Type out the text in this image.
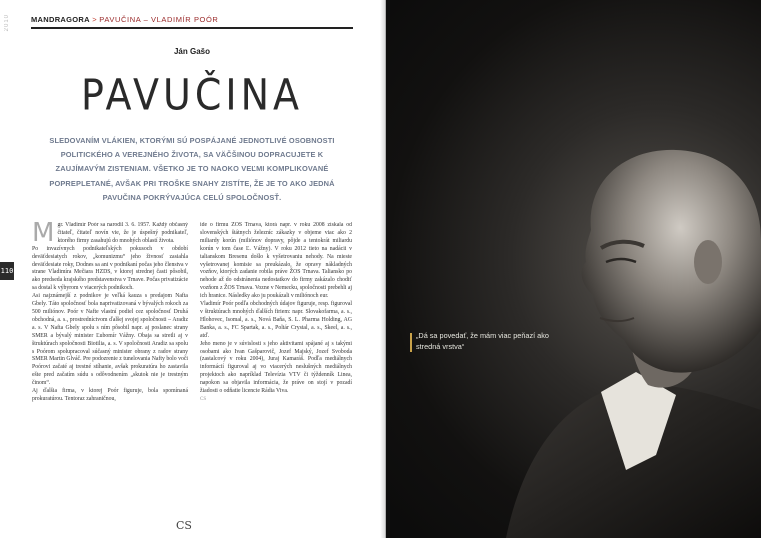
2010
110
MANDRAGORA > PAVUČINA – VLADIMÍR POÓR
Ján Gašo
PAVUČINA
SLEDOVANÍM VLÁKIEN, KTORÝMI SÚ POSPÁJANÉ JEDNOTLIVÉ OSOBNOSTI POLITICKÉHO A VEREJNÉHO ŽIVOTA, SA VÄČŠINOU DOPRACUJETE K ZAUJÍMAVÝM ZISTENIAM. VŠETKO JE TO NAOKO VEĽMI KOMPLIKOVANÉ POPREPLETANÉ, AVŠAK PRI TROŠKE SNAHY ZISTÍTE, ŽE JE TO AKO JEDNÁ PAVUČINA POKRÝVAJÚCA CELÚ SPOLOČNOSŤ.
M gr. Vladimír Poór sa narodil 3. 6. 1957. Každý občasný čitateľ, čitateľ novín vie, že je úspešný podnikateľ, ktorého firmy zasahujú do mnohých oblastí života.

Po invazívnych podnikateľských pokusoch v období deväťdesiatych rokov, „komunizmu“ jeho živnosť zasiahla deväťdesiate roky, Dodnes sa ani v podnikaní počas jeho členstva v strane Vladimíra Mečiara HZDS, v ktorej strednej časti pôsobil, ako predseda krajského predstavenstva v Trnave. Počas privatizácie sa dostal k výbyrom v viacerých podnikoch.

Asi najznámejší z podnikov je veľká kauza s predajom Nafta Gbely. Táto spoločnosť bola naprivatizovaná v bývalých rokoch za 500 miliónov. Poór v Nafte vlastní podiel cez spoločnosť Druhá obchodná, a. s., prostredníctvom ďalšej svojej spoločnosti – Aradiz a. s. V Nafta Gbely spolu s ním pôsobil napr. aj poslanec strany SMER a bývalý minister Ľubomír Vážny. Obaja sa stretli aj v štruktúrach spoločnosti Biotilia, a. s. V spoločnosti Aradiz sa spolu s Poórom spolupracoval súčasný minister obrany z radov strany SMER Martin Glváč. Pre podozrenie z tunelovania Nafty bolo voči Poórovi začaté aj trestné stíhanie, avšak prokuratúra ho zastavila ešte pred začatím súdu s odôvodnením „skutok nie je trestným činom“.

Aj ďalšia firma, v ktorej Poór figuruje, bola spomínaná prokuratúrou. Tentoraz zahraničnou,

ide o firmu ŽOS Trnava, ktorá napr. v roku 2008 získala od slovenských štátnych železníc zákazky v objeme viac ako 2 miliardy korún (miliónov dopravy, pôjde a tentokrát miliardu korún v tom čase Ľ. Vážny). V roku 2012 tieto na nadácii v talianskom Bresenu došlo k vyšetrovaniu nehody. Na mieste vyšetrovanej komisie sa preukázalo, že opravy nákladných vozňov, ktorých zadanie robila práve ŽOS Trnava. Taliansko po nehode až do odstránenia nedostatkov do firmy zakázalo chodiť vozňom z ŽOS Trnava. Vozne v Nemecku, spoločnosti prebehli aj ich hranice. Následky ako ju poukázali v miliónoch eur.

Vladimír Poór podľa obchodných údajov figuruje, resp. figuroval v štruktúrach mnohých ďalších firiem: napr. Slovakofarma, a. s., Hlohovec, Isomal, a. s., Nová Baňa, S. L. Pharma Holding, AG Banka, a. s., FC Spartak, a. s., Poltár Crystal, a. s., Skeel, a. s., atď.

Jeho meno je v súvislosti s jeho aktivitami spájané aj s takými osobami ako Ivan Gašparovič, Jozef Majský, Jozef Svoboda (zastalcový v roku 2004), Juraj Kamaráš. Podľa mediálnych informácií figuroval aj vo viacerých neslušných mediálnych projektoch ako napríklad Televízia VTV či týždenník Linea, napokon sa objavila informácia, že práve on stojí v pozadí žiadosti o odňatie licencie Rádia Viva.

CS
CS
„Dá sa povedať, že mám viac peňazí ako stredná vrstva“
